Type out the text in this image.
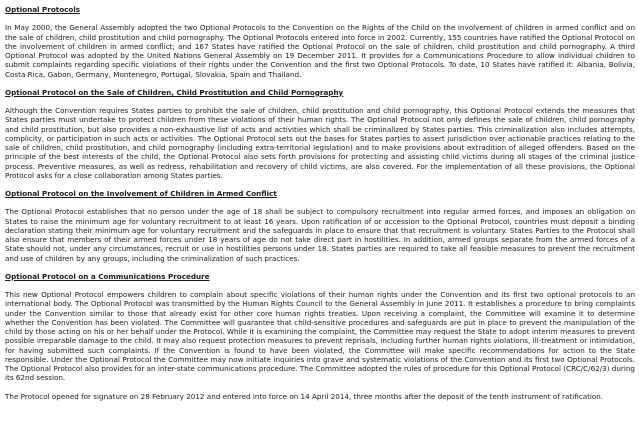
Optional Protocols

In May 2000, the General Assembly adopted the two Optional Protocols to the Convention on the Rights of the Child on the involvement of children in armed conflict and on the sale of children, child prostitution and child pornography. The Optional Protocols entered into force in 2002. Currently, 155 countries have ratified the Optional Protocol on the involvement of children in armed conflict; and 167 States have ratified the Optional Protocol on the sale of children, child prostitution and child pornography. A third Optional Protocol was adopted by the United Nations General Assembly on 19 December 2011. It provides for a Communications Procedure to allow individual children to submit complaints regarding specific violations of their rights under the Convention and the first two Optional Protocols. To date, 10 States have ratified it: Albania, Bolivia, Costa Rica, Gabon, Germany, Montenegro, Portugal, Slovakia, Spain and Thailand.

Optional Protocol on the Sale of Children, Child Prostitution and Child Pornography

Although the Convention requires States parties to prohibit the sale of children, child prostitution and child pornography, this Optional Protocol extends the measures that States parties must undertake to protect children from these violations of their human rights. The Optional Protocol not only defines the sale of children, child pornography and child prostitution, but also provides a non-exhaustive list of acts and activities which shall be criminalized by States parties. This criminalization also includes attempts, complicity, or participation in such acts or activities. The Optional Protocol sets out the bases for States parties to assert jurisdiction over actionable practices relating to the sale of children, child prostitution, and child pornography (including extra-territorial legislation) and to make provisions about extradition of alleged offenders. Based on the principle of the best interests of the child, the Optional Protocol also sets forth provisions for protecting and assisting child victims during all stages of the criminal justice process. Preventive measures, as well as redress, rehabilitation and recovery of child victims, are also covered. For the implementation of all these provisions, the Optional Protocol asks for a close collaboration among States parties.

Optional Protocol on the Involvement of Children in Armed Conflict

The Optional Protocol establishes that no person under the age of 18 shall be subject to compulsory recruitment into regular armed forces, and imposes an obligation on States to raise the minimum age for voluntary recruitment to at least 16 years. Upon ratification of or accession to the Optional Protocol, countries must deposit a binding declaration stating their minimum age for voluntary recruitment and the safeguards in place to ensure that that recruitment is voluntary. States Parties to the Protocol shall also ensure that members of their armed forces under 18 years of age do not take direct part in hostilities. In addition, armed groups separate from the armed forces of a State should not, under any circumstances, recruit or use in hostilities persons under 18. States parties are required to take all feasible measures to prevent the recruitment and use of children by any groups, including the criminalization of such practices.

Optional Protocol on a Communications Procedure

This new Optional Protocol empowers children to complain about specific violations of their human rights under the Convention and its first two optional protocols to an international body. The Optional Protocol was transmitted by the Human Rights Council to the General Assembly in June 2011. It establishes a procedure to bring complaints under the Convention similar to those that already exist for other core human rights treaties. Upon receiving a complaint, the Committee will examine it to determine whether the Convention has been violated. The Committee will guarantee that child-sensitive procedures and safeguards are put in place to prevent the manipulation of the child by those acting on his or her behalf under the Protocol. While it is examining the complaint, the Committee may request the State to adopt interim measures to prevent possible irreparable damage to the child. It may also request protection measures to prevent reprisals, including further human rights violations, ill-treatment or intimidation, for having submitted such complaints. If the Convention is found to have been violated, the Committee will make specific recommendations for action to the State responsible. Under the Optional Protocol the Committee may now initiate inquiries into grave and systematic violations of the Convention and its first two Optional Protocols. The Optional Protocol also provides for an inter-state communications procedure. The Committee adopted the rules of procedure for this Optional Protocol (CRC/C/62/3) during its 62nd session.

The Protocol opened for signature on 28 February 2012 and entered into force on 14 April 2014, three months after the deposit of the tenth instrument of ratification.
